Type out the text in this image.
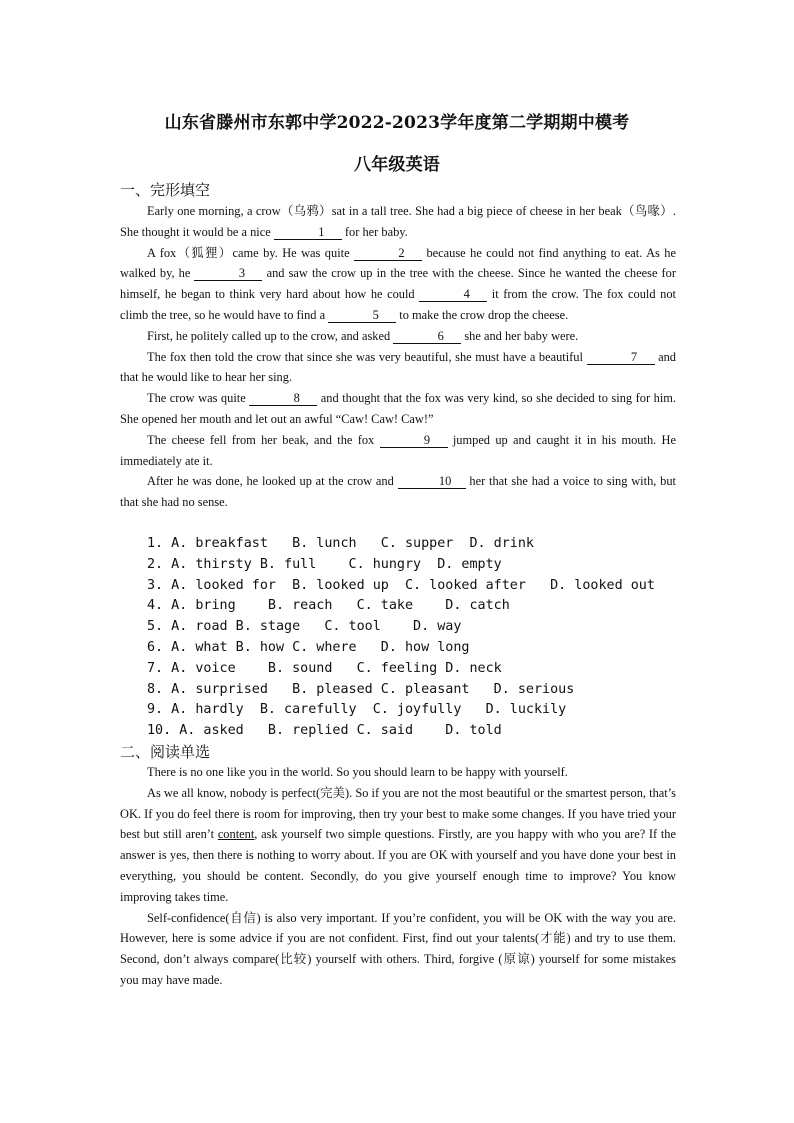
山东省滕州市东郭中学2022-2023学年度第二学期期中模考
八年级英语
一、完形填空

Early one morning, a crow（乌鸦）sat in a tall tree. She had a big piece of cheese in her beak（鸟喙）. She thought it would be a nice	1 for her baby.

A fox（狐狸）came by. He was quite	2 because he could not find anything to eat. As he walked by, he	3 and saw the crow up in the tree with the cheese. Since he wanted the cheese for himself, he began to think very hard about how he could	4 it from the crow. The fox could not climb the tree, so he would have to find a	5 to make the crow drop the cheese.

First, he politely called up to the crow, and asked	6 she and her baby were.

The fox then told the crow that since she was very beautiful, she must have a beautiful	7 and that he would like to hear her sing.

The crow was quite	8 and thought that the fox was very kind, so she decided to sing for him. She opened her mouth and let out an awful “Caw! Caw! Caw!”

The cheese fell from her beak, and the fox	9 jumped up and caught it in his mouth. He immediately ate it.

After he was done, he looked up at the crow and	10 her that she had a voice to sing with, but that she had no sense.

1. A. breakfast   B. lunch   C. supper  D. drink
2. A. thirsty B. full    C. hungry  D. empty
3. A. looked for  B. looked up  C. looked after   D. looked out
4. A. bring    B. reach   C. take    D. catch
5. A. road B. stage   C. tool    D. way
6. A. what B. how C. where   D. how long
7. A. voice    B. sound   C. feeling D. neck
8. A. surprised   B. pleased C. pleasant   D. serious
9. A. hardly  B. carefully  C. joyfully   D. luckily
10. A. asked   B. replied C. said    D. told
二、阅读单选

There is no one like you in the world. So you should learn to be happy with yourself.

As we all know, nobody is perfect(完美). So if you are not the most beautiful or the smartest person, that’s OK. If you do feel there is room for improving, then try your best to make some changes. If you have tried your best but still aren’t content, ask yourself two simple questions. Firstly, are you happy with who you are? If the answer is yes, then there is nothing to worry about. If you are OK with yourself and you have done your best in everything, you should be content. Secondly, do you give yourself enough time to improve? You know improving takes time.

Self-confidence(自信) is also very important. If you’re confident, you will be OK with the way you are. However, here is some advice if you are not confident. First, find out your talents(才能) and try to use them. Second, don’t always compare(比较) yourself with others. Third, forgive (原谅) yourself for some mistakes you may have made.
